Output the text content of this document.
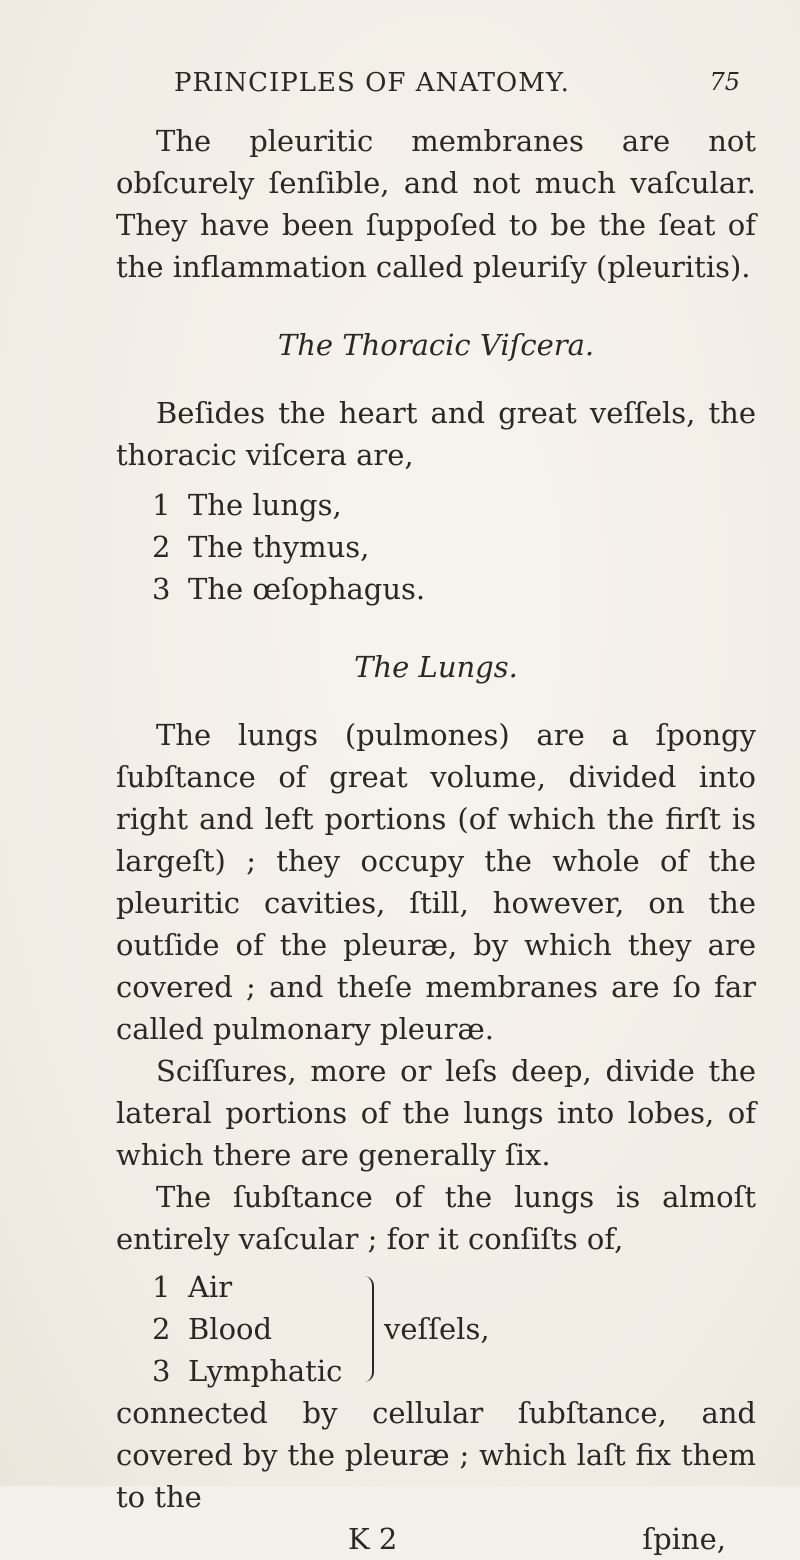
PRINCIPLES OF ANATOMY.	75

The pleuritic membranes are not obſcurely ſenſible, and not much vaſcular. They have been ſuppoſed to be the ſeat of the inflammation called pleuriſy (pleuritis).

The Thoracic Viſcera.

Beſides the heart and great veſſels, the thoracic viſcera are,

1 The lungs,
2 The thymus,
3 The œſophagus.
The Lungs.

The lungs (pulmones) are a ſpongy ſubſtance of great volume, divided into right and left portions (of which the firſt is largeſt) ; they occupy the whole of the pleuritic cavities, ſtill, however, on the outſide of the pleuræ, by which they are covered ; and theſe membranes are ſo far called pulmonary pleuræ.

Sciſſures, more or leſs deep, divide the lateral portions of the lungs into lobes, of which there are generally ſix.

The ſubſtance of the lungs is almoſt entirely vaſcular ; for it conſiſts of,

1 Air
2 Blood
3 Lymphatic
veſſels,

connected by cellular ſubſtance, and covered by the pleuræ ; which laſt fix them to the

K 2	ſpine,
